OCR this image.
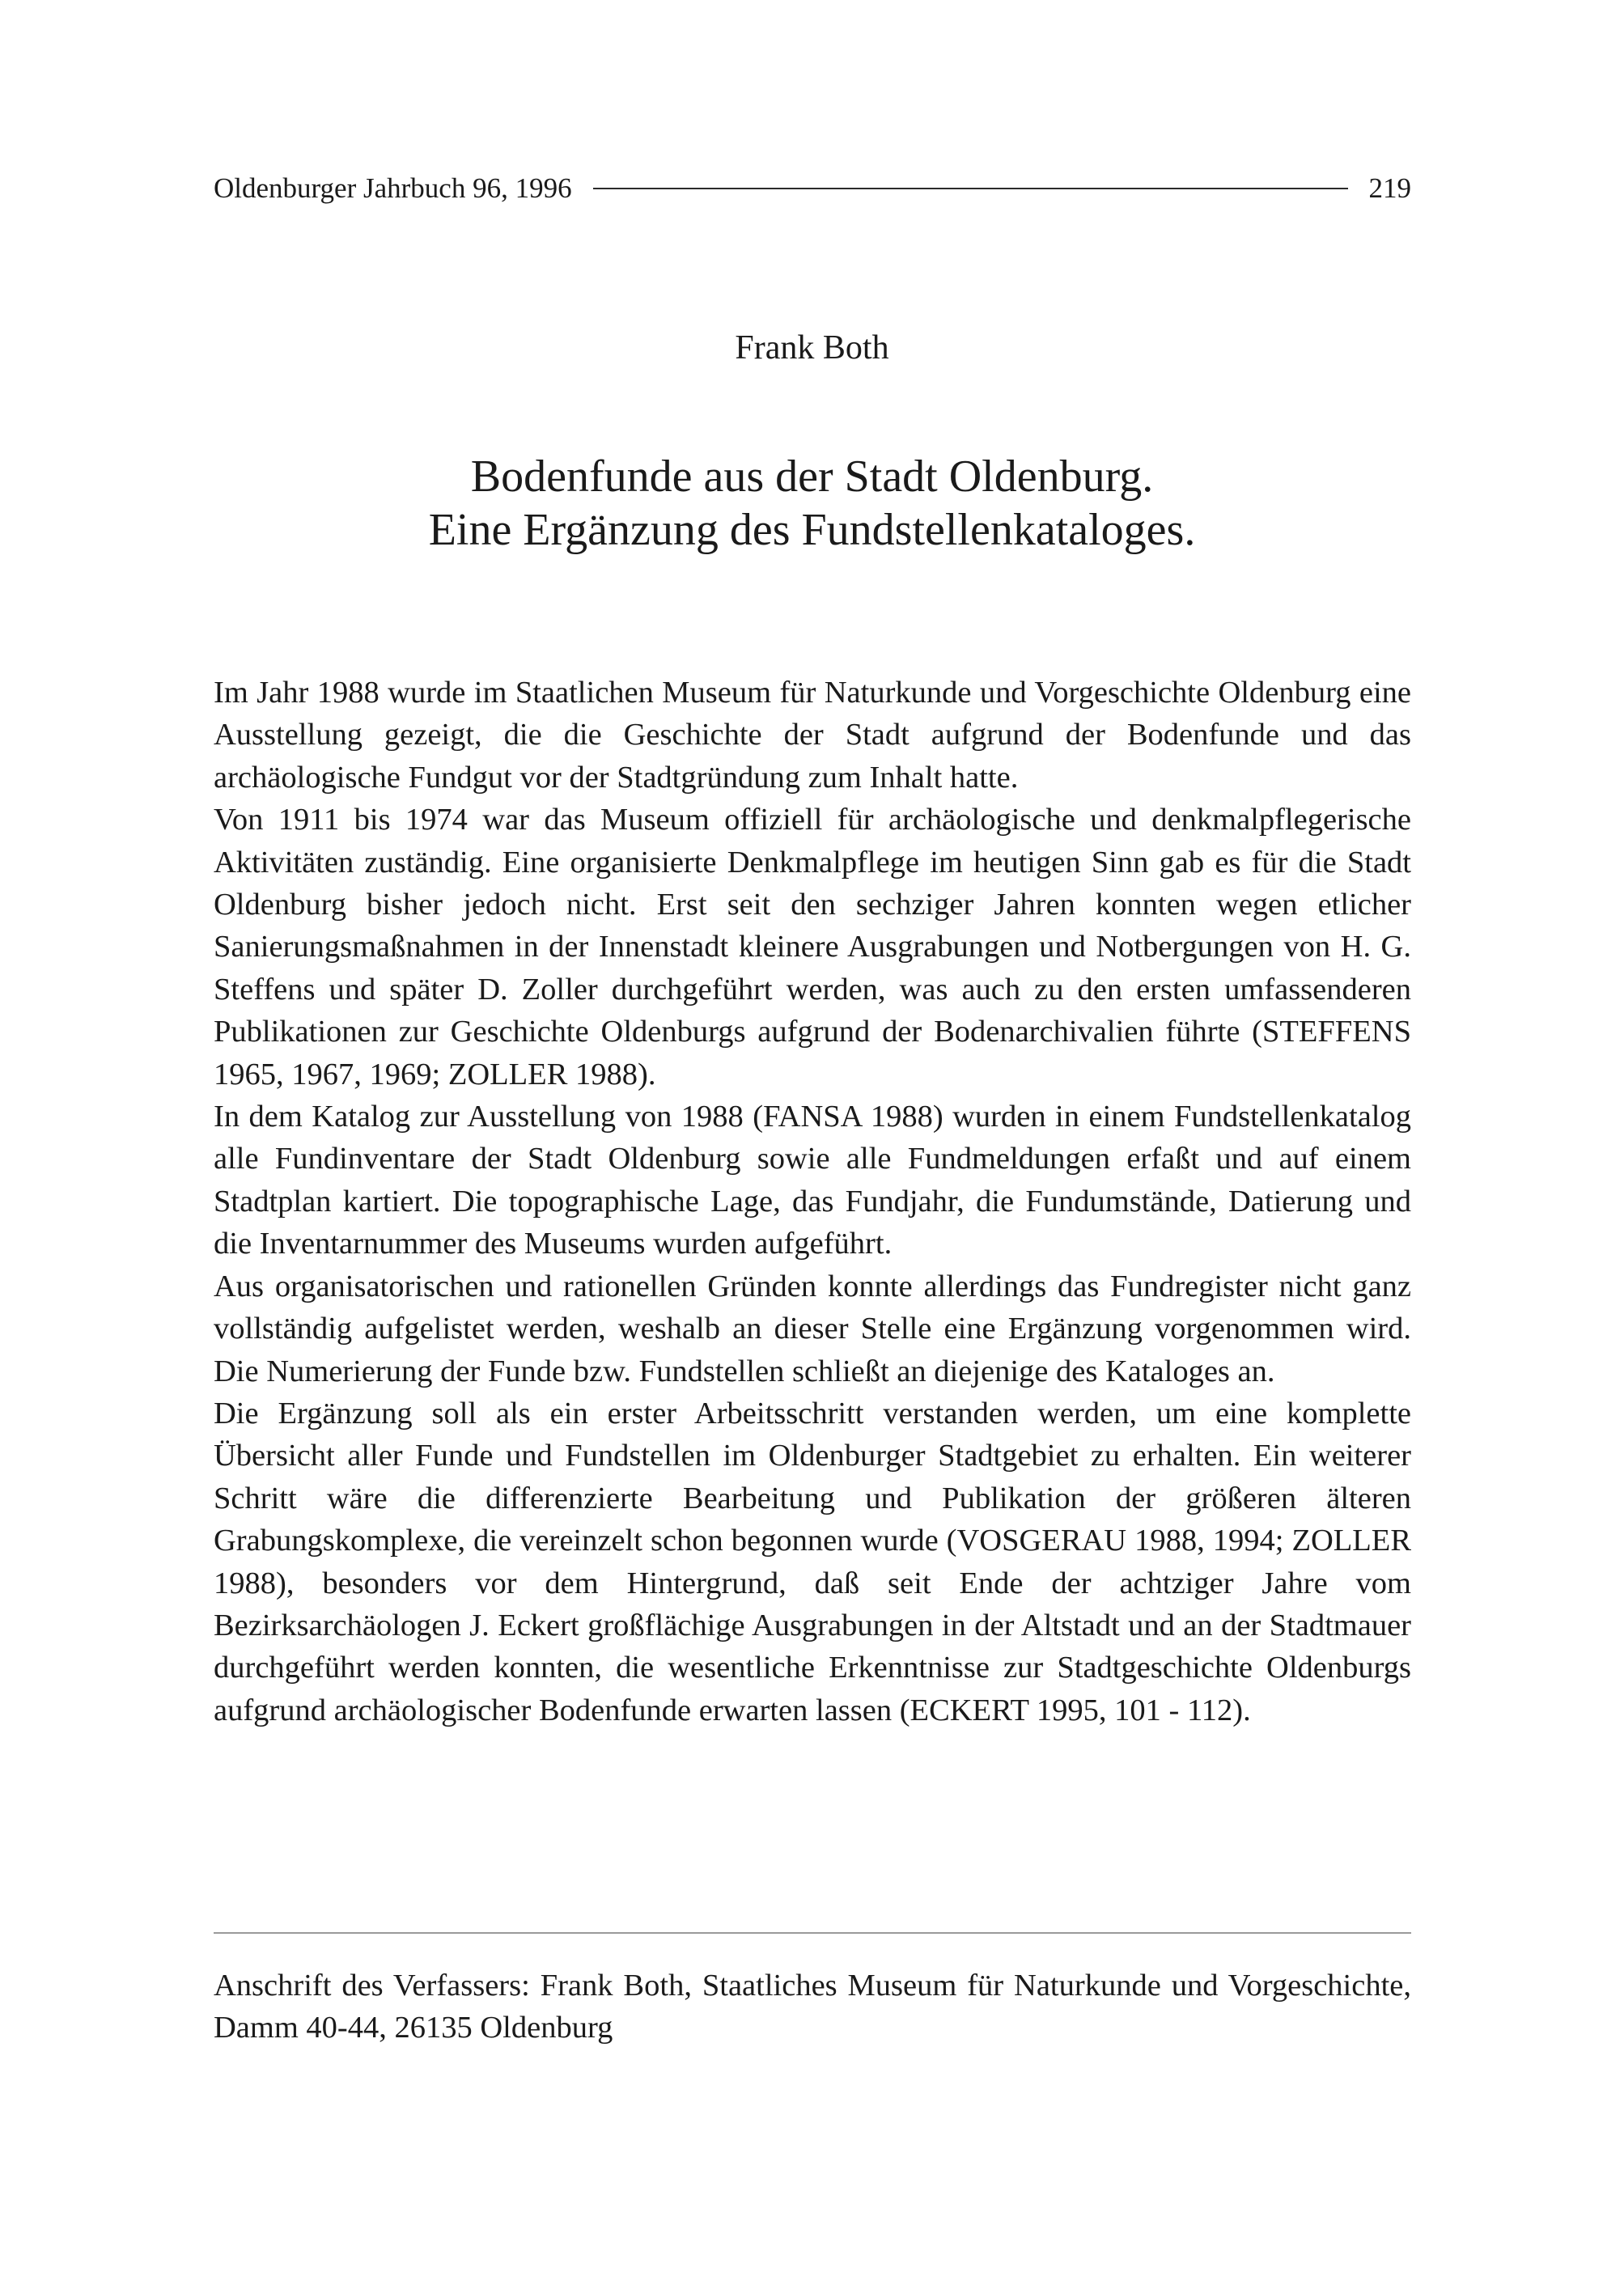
Oldenburger Jahrbuch 96, 1996	219
Frank Both
Bodenfunde aus der Stadt Oldenburg.
Eine Ergänzung des Fundstellenkataloges.

Im Jahr 1988 wurde im Staatlichen Museum für Naturkunde und Vorgeschichte Oldenburg eine Ausstellung gezeigt, die die Geschichte der Stadt aufgrund der Bodenfunde und das archäologische Fundgut vor der Stadtgründung zum Inhalt hatte.

Von 1911 bis 1974 war das Museum offiziell für archäologische und denkmalpflegerische Aktivitäten zuständig. Eine organisierte Denkmalpflege im heutigen Sinn gab es für die Stadt Oldenburg bisher jedoch nicht. Erst seit den sechziger Jahren konnten wegen etlicher Sanierungsmaßnahmen in der Innenstadt kleinere Ausgrabungen und Notbergungen von H. G. Steffens und später D. Zoller durchgeführt werden, was auch zu den ersten umfassenderen Publikationen zur Geschichte Oldenburgs aufgrund der Bodenarchivalien führte (STEFFENS 1965, 1967, 1969; ZOLLER 1988).

In dem Katalog zur Ausstellung von 1988 (FANSA 1988) wurden in einem Fundstellenkatalog alle Fundinventare der Stadt Oldenburg sowie alle Fundmeldungen erfaßt und auf einem Stadtplan kartiert. Die topographische Lage, das Fundjahr, die Fundumstände, Datierung und die Inventarnummer des Museums wurden aufgeführt.

Aus organisatorischen und rationellen Gründen konnte allerdings das Fundregister nicht ganz vollständig aufgelistet werden, weshalb an dieser Stelle eine Ergänzung vorgenommen wird. Die Numerierung der Funde bzw. Fundstellen schließt an diejenige des Kataloges an.

Die Ergänzung soll als ein erster Arbeitsschritt verstanden werden, um eine komplette Übersicht aller Funde und Fundstellen im Oldenburger Stadtgebiet zu erhalten. Ein weiterer Schritt wäre die differenzierte Bearbeitung und Publikation der größeren älteren Grabungskomplexe, die vereinzelt schon begonnen wurde (VOSGERAU 1988, 1994; ZOLLER 1988), besonders vor dem Hintergrund, daß seit Ende der achtziger Jahre vom Bezirksarchäologen J. Eckert großflächige Ausgrabungen in der Altstadt und an der Stadtmauer durchgeführt werden konnten, die wesentliche Erkenntnisse zur Stadtgeschichte Oldenburgs aufgrund archäologischer Bodenfunde erwarten lassen (ECKERT 1995, 101 - 112).

Anschrift des Verfassers: Frank Both, Staatliches Museum für Naturkunde und Vorgeschichte, Damm 40-44, 26135 Oldenburg
